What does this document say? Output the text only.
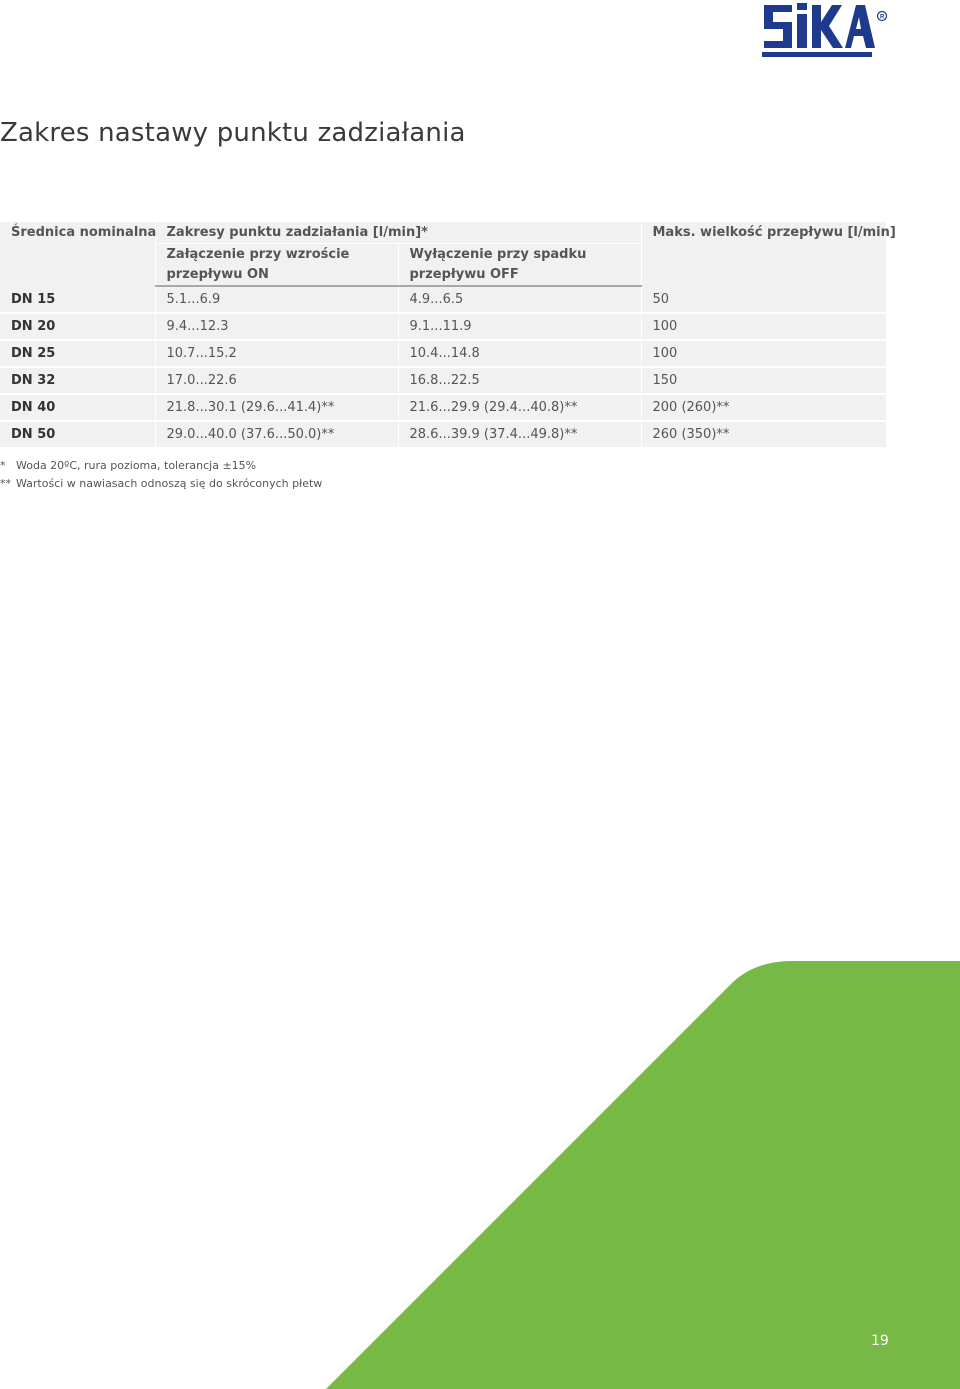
R
Zakres nastawy punktu zadziałania
Średnica nominalna	Zakresy punktu zadziałania [l/min]*		Maks. wielkość przepływu [l/min]
	Załączenie przy wzroście przepływu ON	Wyłączenie przy spadku przepływu OFF	
DN 15	5.1...6.9	4.9...6.5	50
DN 20	9.4...12.3	9.1...11.9	100
DN 25	10.7...15.2	10.4...14.8	100
DN 32	17.0...22.6	16.8...22.5	150
DN 40	21.8...30.1 (29.6...41.4)**	21.6...29.9 (29.4...40.8)**	200 (260)**
DN 50	29.0...40.0 (37.6...50.0)**	28.6...39.9 (37.4...49.8)**	260 (350)**
* Woda 20ºC, rura pozioma, tolerancja ±15%
** Wartości w nawiasach odnoszą się do skróconych płetw
19
